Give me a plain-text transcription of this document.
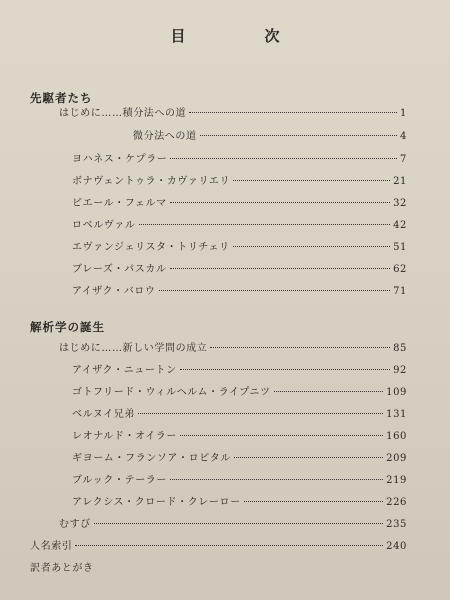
目　次
先駆者たち
はじめに……積分法への道	1
微分法への道	4
ヨハネス・ケプラー	7
ボナヴェントゥラ・カヴァリエリ	21
ピエール・フェルマ	32
ロベルヴァル	42
エヴァンジェリスタ・トリチェリ	51
ブレーズ・パスカル	62
アイザク・バロウ	71
解析学の誕生
はじめに……新しい学問の成立	85
アイザク・ニュートン	92
ゴトフリード・ウィルヘルム・ライプニツ	109
ベルヌイ兄弟	131
レオナルド・オイラー	160
ギヨーム・フランソア・ロピタル	209
ブルック・テーラー	219
アレクシス・クロード・クレーロー	226
むすび	235
人名索引	240
訳者あとがき
